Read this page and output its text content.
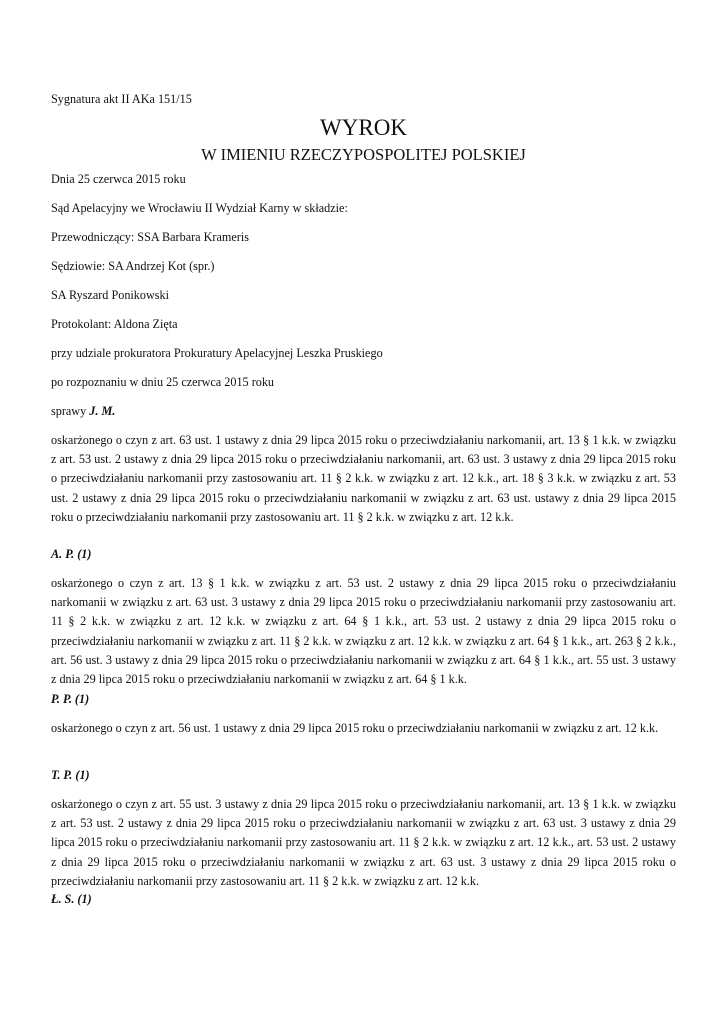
Sygnatura akt II AKa 151/15

WYROK

W IMIENIU RZECZYPOSPOLITEJ POLSKIEJ

Dnia 25 czerwca 2015 roku

Sąd Apelacyjny we Wrocławiu II Wydział Karny w składzie:

Przewodniczący: SSA Barbara Krameris

Sędziowie: SA Andrzej Kot (spr.)

SA Ryszard Ponikowski

Protokolant: Aldona Zięta

przy udziale prokuratora Prokuratury Apelacyjnej Leszka Pruskiego

po rozpoznaniu w dniu 25 czerwca 2015 roku

sprawy J. M.

oskarżonego o czyn z art. 63 ust. 1 ustawy z dnia 29 lipca 2015 roku o przeciwdziałaniu narkomanii, art. 13 § 1 k.k. w związku z art. 53 ust. 2 ustawy z dnia 29 lipca 2015 roku o przeciwdziałaniu narkomanii, art. 63 ust. 3 ustawy z dnia 29 lipca 2015 roku o przeciwdziałaniu narkomanii przy zastosowaniu art. 11 § 2 k.k. w związku z art. 12 k.k., art. 18 § 3 k.k. w związku z art. 53 ust. 2 ustawy z dnia 29 lipca 2015 roku o przeciwdziałaniu narkomanii w związku z art. 63 ust. ustawy z dnia 29 lipca 2015 roku o przeciwdziałaniu narkomanii przy zastosowaniu art. 11 § 2 k.k. w związku z art. 12 k.k.

A. P. (1)

oskarżonego o czyn z art. 13 § 1 k.k. w związku z art. 53 ust. 2 ustawy z dnia 29 lipca 2015 roku o przeciwdziałaniu narkomanii w związku z art. 63 ust. 3 ustawy z dnia 29 lipca 2015 roku o przeciwdziałaniu narkomanii przy zastosowaniu art. 11 § 2 k.k. w związku z art. 12 k.k. w związku z art. 64 § 1 k.k., art. 53 ust. 2 ustawy z dnia 29 lipca 2015 roku o przeciwdziałaniu narkomanii w związku z art. 11 § 2 k.k. w związku z art. 12 k.k. w związku z art. 64 § 1 k.k., art. 263 § 2 k.k., art. 56 ust. 3 ustawy z dnia 29 lipca 2015 roku o przeciwdziałaniu narkomanii w związku z art. 64 § 1 k.k., art. 55 ust. 3 ustawy z dnia 29 lipca 2015 roku o przeciwdziałaniu narkomanii w związku z art. 64 § 1 k.k.

P. P. (1)

oskarżonego o czyn z art. 56 ust. 1 ustawy z dnia 29 lipca 2015 roku o przeciwdziałaniu narkomanii w związku z art. 12 k.k.

T. P. (1)

oskarżonego o czyn z art. 55 ust. 3 ustawy z dnia 29 lipca 2015 roku o przeciwdziałaniu narkomanii, art. 13 § 1 k.k. w związku z art. 53 ust. 2 ustawy z dnia 29 lipca 2015 roku o przeciwdziałaniu narkomanii w związku z art. 63 ust. 3 ustawy z dnia 29 lipca 2015 roku o przeciwdziałaniu narkomanii przy zastosowaniu art. 11 § 2 k.k. w związku z art. 12 k.k., art. 53 ust. 2 ustawy z dnia 29 lipca 2015 roku o przeciwdziałaniu narkomanii w związku z art. 63 ust. 3 ustawy z dnia 29 lipca 2015 roku o przeciwdziałaniu narkomanii przy zastosowaniu art. 11 § 2 k.k. w związku z art. 12 k.k.

Ł. S. (1)
